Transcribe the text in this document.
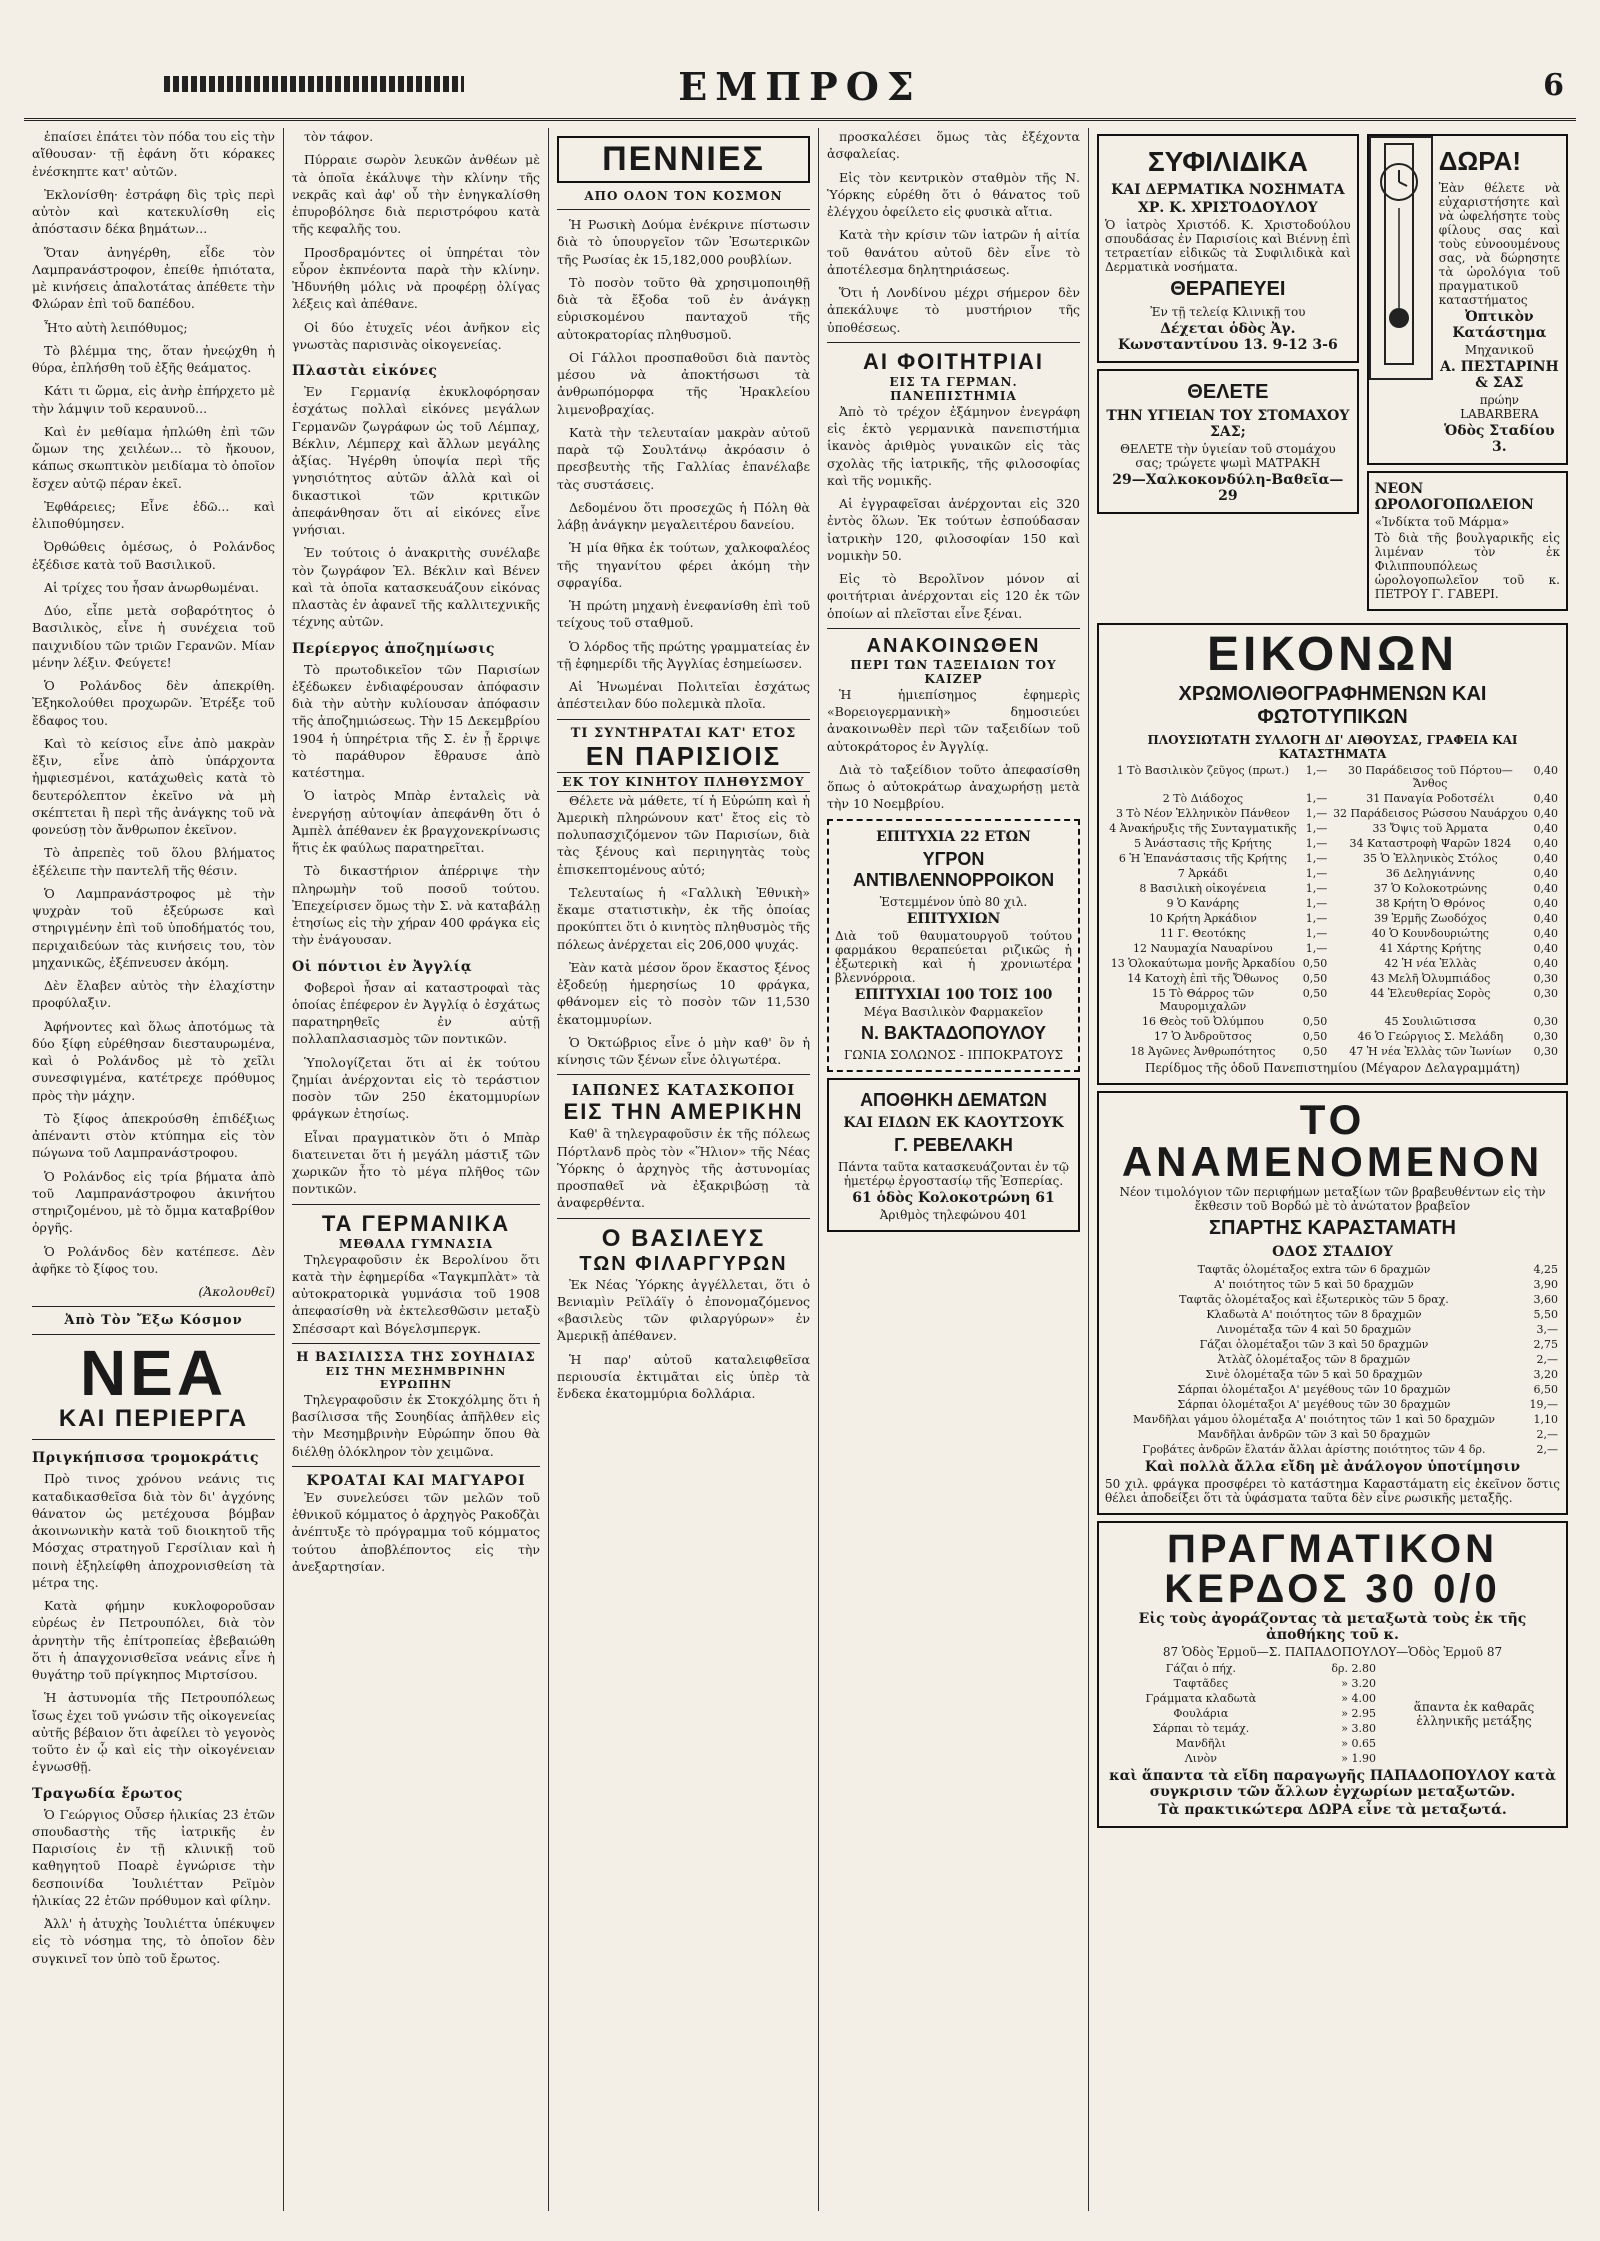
ΕΜΠΡΟΣ	6

ἐπαίσει ἐπάτει τὸν πόδα του εἰς τὴν αἴθουσαν· τῇ ἐφάνη ὅτι κόρακες ἐνέσκηπτε κατ' αὐτῶν.

Ἐκλονίσθη· ἐστράφη δὶς τρὶς περὶ αὐτὸν καὶ κατεκυλίσθη εἰς ἀπόστασιν δέκα βημάτων...

Ὅταν ἀνηγέρθη, εἶδε τὸν Λαμπρανάστροφον, ἐπείθε ἠπιότατα, μὲ κινήσεις ἀπαλοτάτας ἀπέθετε τὴν Φλώραν ἐπὶ τοῦ δαπέδου.

Ἦτο αὐτὴ λειπόθυμος;

Τὸ βλέμμα της, ὅταν ἠνεῴχθη ἡ θύρα, ἐπλήσθη τοῦ ἐξῆς θεάματος.

Κάτι τι ὥρμα, εἰς ἀνὴρ ἐπήρχετο μὲ τὴν λάμψιν τοῦ κεραυνοῦ...

Καὶ ἐν μεθίαμα ἠπλώθη ἐπὶ τῶν ὤμων της χειλέων... τὸ ἤκουον, κάπως σκωπτικὸν μειδίαμα τὸ ὁποῖον ἔσχεν αὐτῷ πέραν ἐκεῖ.

Ἐφθάρειες; Εἶνε ἐδῶ... καὶ ἐλιποθύμησεν.

Ὀρθώθεις ὁμέσως, ὁ Ρολάνδος ἐξέδισε κατὰ τοῦ Βασιλικοῦ.

Αἱ τρίχες του ἦσαν ἀνωρθωμέναι.

Δύο, εἶπε μετὰ σοβαρότητος ὁ Βασιλικὸς, εἶνε ἡ συνέχεια τοῦ παιχνιδίου τῶν τριῶν Γερανῶν. Μίαν μένην λέξιν. Φεύγετε!

Ὁ Ρολάνδος δὲν ἀπεκρίθη. Ἐξηκολούθει προχωρῶν. Ἐτρέξε τοῦ ἔδαφος του.

Καὶ τὸ κείσιος εἶνε ἀπὸ μακρὰν ἔξιν, εἶνε ἀπὸ ὑπάρχοντα ἠμφιεσμένοι, κατάχωθεὶς κατὰ τὸ δευτερόλεπτον ἐκεῖνο νὰ μὴ σκέπτεται ἢ περὶ τῆς ἀνάγκης τοῦ νὰ φονεύσῃ τὸν ἄνθρωπον ἐκεῖνον.

Τὸ ἀπρεπὲς τοῦ ὅλου βλήματος ἐξέλειπε τὴν παντελῆ τῆς θέσιν.

Ὁ Λαμπρανάστροφος μὲ τὴν ψυχρὰν τοῦ ἐξεύρωσε καὶ στηριγμένην ἐπὶ τοῦ ὑποδήματός του, περιχαιδεύων τὰς κινήσεις του, τὸν μηχανικῶς, ἐξέπνευσεν ἀκόμη.

Δὲν ἔλαβεν αὐτὸς τὴν ἐλαχίστην προφύλαξιν.

Ἀφήνοντες καὶ ὅλως ἀποτόμως τὰ δύο ξίφη εὑρέθησαν διεσταυρωμένα, καὶ ὁ Ρολάνδος μὲ τὸ χεῖλι συνεσφιγμένα, κατέτρεχε πρόθυμος πρὸς τὴν μάχην.

Τὸ ξίφος ἀπεκρούσθη ἐπιδέξιως ἀπέναντι στὸν κτύπημα εἰς τὸν πώγωνα τοῦ Λαμπρανάστροφου.

Ὁ Ρολάνδος εἰς τρία βήματα ἀπὸ τοῦ Λαμπρανάστροφου ἀκινήτου στηριζομένου, μὲ τὸ ὄμμα καταβρίθον ὀργῆς.

Ὁ Ρολάνδος δὲν κατέπεσε. Δὲν ἀφῆκε τὸ ξίφος του.

(Ἀκολουθεῖ)

Ἀπὸ Τὸν Ἔξω Κόσμον
ΝΕΑ
ΚΑΙ ΠΕΡΙΕΡΓΑ
Πριγκήπισσα τρομοκράτις

Πρὸ τινος χρόνου νεάνις τις καταδικασθεῖσα διὰ τὸν δι' ἀγχόνης θάνατον ὡς μετέχουσα βόμβαν ἀκοινωνικὴν κατὰ τοῦ διοικητοῦ τῆς Μόσχας στρατηγοῦ Γερσίλιαν καὶ ἡ ποινὴ ἐξηλείφθη ἀποχρονισθείση τὰ μέτρα της.

Κατὰ φήμην κυκλοφοροῦσαν εὐρέως ἐν Πετρουπόλει, διὰ τὸν ἀρνητὴν τῆς ἐπίτροπείας ἐβεβαιώθη ὅτι ἡ ἀπαγχονισθεῖσα νεάνις εἶνε ἡ θυγάτηρ τοῦ πρίγκηπος Μιρτσίσου.

Ἡ ἀστυνομία τῆς Πετρουπόλεως ἴσως ἐχει τοῦ γνώσιν τῆς οἰκογενείας αὐτῆς βέβαιον ὅτι ἀφείλει τὸ γεγονὸς τοῦτο ἐν ᾧ καὶ εἰς τὴν οἰκογένειαν ἐγνωσθῇ.

Τραγωδία ἔρωτος

Ὁ Γεώργιος Οὖσερ ἡλικίας 23 ἐτῶν σπουδαστὴς τῆς ἰατρικῆς ἐν Παρισίοις ἐν τῇ κλινικῇ τοῦ καθηγητοῦ Ποαρὲ ἐγνώρισε τὴν δεσποινίδα Ἰουλιέτταν Ρεϊμὸν ἡλικίας 22 ἐτῶν πρόθυμον καὶ φίλην.

Ἀλλ' ἡ ἀτυχὴς Ἰουλιέττα ὑπέκυψεν εἰς τὸ νόσημα της, τὸ ὁποῖον δὲν συγκινεῖ τον ὑπὸ τοῦ ἔρωτος.

τὸν τάφον.

Πύρραιε σωρὸν λευκῶν ἀνθέων μὲ τὰ ὁποῖα ἐκάλυψε τὴν κλίνην τῆς νεκρᾶς καὶ ἀφ' οὗ τὴν ἐνηγκαλίσθη ἐπυροβόλησε διὰ περιστρόφου κατὰ τῆς κεφαλῆς του.

Προσδραμόντες οἱ ὑπηρέται τὸν εὗρον ἐκπνέοντα παρὰ τὴν κλίνην. Ἠδυνήθη μόλις νὰ προφέρῃ ὀλίγας λέξεις καὶ ἀπέθανε.

Οἱ δύο ἐτυχεῖς νέοι ἀνῆκον εἰς γνωστὰς παρισινὰς οἰκογενείας.

Πλαστὰι εἰκόνες

Ἐν Γερμανίᾳ ἐκυκλοφόρησαν ἐσχάτως πολλαὶ εἰκόνες μεγάλων Γερμανῶν ζωγράφων ὡς τοῦ Λέμπαχ, Βέκλιν, Λέμπερχ καὶ ἄλλων μεγάλης ἀξίας. Ἠγέρθη ὑποψία περὶ τῆς γνησιότητος αὐτῶν ἀλλὰ καὶ οἱ δικαστικοὶ τῶν κριτικῶν ἀπεφάνθησαν ὅτι αἱ εἰκόνες εἶνε γνήσιαι.

Ἐν τούτοις ὁ ἀνακριτὴς συνέλαβε τὸν ζωγράφον Ἐλ. Βέκλιν καὶ Βένεν καὶ τὰ ὁποῖα κατασκευάζουν εἰκόνας πλαστὰς ἐν ἀφανεῖ τῆς καλλιτεχνικῆς τέχνης αὐτῶν.

Περίεργος ἀποζημίωσις

Τὸ πρωτοδικεῖον τῶν Παρισίων ἐξέδωκεν ἐνδιαφέρουσαν ἀπόφασιν διὰ τὴν αὐτὴν κυλίουσαν ἀπόφασιν τῆς ἀποζημιώσεως. Τὴν 15 Δεκεμβρίου 1904 ἡ ὑπηρέτρια τῆς Σ. ἐν ᾗ ἔρριψε τὸ παράθυρον ἔθραυσε ἀπὸ κατέστημα.

Ὁ ἰατρὸς Μπὰρ ἐνταλεὶς νὰ ἐνεργήσῃ αὐτοψίαν ἀπεφάνθη ὅτι ὁ Ἀμπὲλ ἀπέθανεν ἐκ βραγχονεκρίνωσις ἥτις ἐκ φαύλως παρατηρεῖται.

Τὸ δικαστήριον ἀπέρριψε τὴν πληρωμὴν τοῦ ποσοῦ τούτου. Ἐπεχείρισεν ὅμως τὴν Σ. νὰ καταβάλῃ ἐτησίως εἰς τὴν χήραν 400 φράγκα εἰς τὴν ἐνάγουσαν.

Οἱ πόντιοι ἐν Ἀγγλίᾳ

Φοβεροὶ ἦσαν αἱ καταστροφαὶ τὰς ὁποίας ἐπέφερον ἐν Ἀγγλίᾳ ὁ ἐσχάτως παρατηρηθεῖς ἐν αὐτῇ πολλαπλασιασμὸς τῶν ποντικῶν.

Ὑπολογίζεται ὅτι αἱ ἐκ τούτου ζημίαι ἀνέρχονται εἰς τὸ τεράστιον ποσὸν τῶν 250 ἑκατομμυρίων φράγκων ἐτησίως.

Εἶναι πραγματικὸν ὅτι ὁ Μπὰρ διατεινεται ὅτι ἡ μεγάλη μάστιξ τῶν χωρικῶν ἦτο τὸ μέγα πλῆθος τῶν ποντικῶν.

ΤΑ ΓΕΡΜΑΝΙΚΑ
ΜΕΘΑΛΑ ΓΥΜΝΑΣΙΑ

Τηλεγραφοῦσιν ἐκ Βερολίνου ὅτι κατὰ τὴν ἐφημερίδα «Ταγκμπλὰτ» τὰ αὐτοκρατορικὰ γυμνάσια τοῦ 1908 ἀπεφασίσθη νὰ ἐκτελεσθῶσιν μεταξὺ Σπέσσαρτ καὶ Βόγελσμπεργκ.

Η ΒΑΣΙΛΙΣΣΑ ΤΗΣ ΣΟΥΗΔΙΑΣ
ΕΙΣ ΤΗΝ ΜΕΣΗΜΒΡΙΝΗΝ ΕΥΡΩΠΗΝ

Τηλεγραφοῦσιν ἐκ Στοκχόλμης ὅτι ἡ βασίλισσα τῆς Σουηδίας ἀπῆλθεν εἰς τὴν Μεσημβρινὴν Εὐρώπην ὅπου θὰ διέλθῃ ὁλόκληρον τὸν χειμῶνα.

ΚΡΟΑΤΑΙ ΚΑΙ ΜΑΓΥΑΡΟΙ

Ἐν συνελεύσει τῶν μελῶν τοῦ ἐθνικοῦ κόμματος ὁ ἀρχηγὸς Ρακοδζὰι ἀνέπτυξε τὸ πρόγραμμα τοῦ κόμματος τούτου ἀποβλέποντος εἰς τὴν ἀνεξαρτησίαν.

ΠΕΝΝΙΕΣ
ΑΠΟ ΟΛΟΝ ΤΟΝ ΚΟΣΜΟΝ

Ἡ Ρωσικὴ Δούμα ἐνέκρινε πίστωσιν διὰ τὸ ὑπουργεῖον τῶν Ἐσωτερικῶν τῆς Ρωσίας ἐκ 15,182,000 ρουβλίων.

Τὸ ποσὸν τοῦτο θὰ χρησιμοποιηθῇ διὰ τὰ ἔξοδα τοῦ ἐν ἀνάγκῃ εὑρισκομένου πανταχοῦ τῆς αὐτοκρατορίας πληθυσμοῦ.

Οἱ Γάλλοι προσπαθοῦσι διὰ παντὸς μέσου νὰ ἀποκτήσωσι τὰ ἀνθρωπόμορφα τῆς Ἡρακλείου λιμενοβραχίας.

Κατὰ τὴν τελευταίαν μακρὰν αὐτοῦ παρὰ τῷ Σουλτάνῳ ἀκρόασιν ὁ πρεσβευτὴς τῆς Γαλλίας ἐπανέλαβε τὰς συστάσεις.

Δεδομένου ὅτι προσεχῶς ἡ Πόλη θὰ λάβῃ ἀνάγκην μεγαλειτέρου δανείου.

Ἡ μία θῆκα ἐκ τούτων, χαλκοφαλέος τῆς τηγανίτου φέρει ἀκόμη τὴν σφραγίδα.

Ἡ πρώτη μηχανὴ ἐνεφανίσθη ἐπὶ τοῦ τείχους τοῦ σταθμοῦ.

Ὁ λόρδος τῆς πρώτης γραμματείας ἐν τῇ ἐφημερίδι τῆς Ἀγγλίας ἐσημείωσεν.

Αἱ Ἡνωμέναι Πολιτεῖαι ἐσχάτως ἀπέστειλαν δύο πολεμικὰ πλοῖα.

ΤΙ ΣΥΝΤΗΡΑΤΑΙ ΚΑΤ' ΕΤΟΣ
ΕΝ ΠΑΡΙΣΙΟΙΣ
ΕΚ ΤΟΥ ΚΙΝΗΤΟΥ ΠΛΗΘΥΣΜΟΥ

Θέλετε νὰ μάθετε, τί ἡ Εὐρώπη καὶ ἡ Ἀμερικὴ πληρώνουν κατ' ἔτος εἰς τὸ πολυπασχιζόμενον τῶν Παρισίων, διὰ τὰς ξένους καὶ περιηγητὰς τοὺς ἐπισκεπτομένους αὐτό;

Τελευταίως ἡ «Γαλλικὴ Ἐθνικὴ» ἔκαμε στατιστικὴν, ἐκ τῆς ὁποίας προκύπτει ὅτι ὁ κινητὸς πληθυσμὸς τῆς πόλεως ἀνέρχεται εἰς 206,000 ψυχάς.

Ἐὰν κατὰ μέσον ὅρον ἕκαστος ξένος ἐξοδεύῃ ἡμερησίως 10 φράγκα, φθάνομεν εἰς τὸ ποσὸν τῶν 11,530 ἑκατομμυρίων.

Ὁ Ὀκτώβριος εἶνε ὁ μὴν καθ' ὃν ἡ κίνησις τῶν ξένων εἶνε ὀλιγωτέρα.

ΙΑΠΩΝΕΣ ΚΑΤΑΣΚΟΠΟΙ
ΕΙΣ ΤΗΝ ΑΜΕΡΙΚΗΝ

Καθ' ἃ τηλεγραφοῦσιν ἐκ τῆς πόλεως Πόρτλανδ πρὸς τὸν «Ἥλιον» τῆς Νέας Ὑόρκης ὁ ἀρχηγὸς τῆς ἀστυνομίας προσπαθεῖ νὰ ἐξακριβώσῃ τὰ ἀναφερθέντα.

Ο ΒΑΣΙΛΕΥΣ
ΤΩΝ ΦΙΛΑΡΓΥΡΩΝ

Ἐκ Νέας Ὑόρκης ἀγγέλλεται, ὅτι ὁ Βενιαμὶν Ρεϊλάϊγ ὁ ἐπονομαζόμενος «βασιλεὺς τῶν φιλαργύρων» ἐν Ἀμερικῇ ἀπέθανεν.

Ἡ παρ' αὐτοῦ καταλειφθεῖσα περιουσία ἐκτιμᾶται εἰς ὑπὲρ τὰ ἕνδεκα ἑκατομμύρια δολλάρια.

προσκαλέσει ὅμως τὰς ἐξέχοντα ἀσφαλείας.

Εἰς τὸν κεντρικὸν σταθμὸν τῆς Ν. Ὑόρκης εὑρέθη ὅτι ὁ θάνατος τοῦ ἐλέγχου ὀφείλετο εἰς φυσικὰ αἴτια.

Κατὰ τὴν κρίσιν τῶν ἰατρῶν ἡ αἰτία τοῦ θανάτου αὐτοῦ δὲν εἶνε τὸ ἀποτέλεσμα δηλητηριάσεως.

Ὅτι ἡ Λονδίνου μέχρι σήμερον δὲν ἀπεκάλυψε τὸ μυστήριον τῆς ὑποθέσεως.

ΑΙ ΦΟΙΤΗΤΡΙΑΙ
ΕΙΣ ΤΑ ΓΕΡΜΑΝ. ΠΑΝΕΠΙΣΤΗΜΙΑ

Ἀπὸ τὸ τρέχον ἐξάμηνον ἐνεγράφη εἰς ἑκτὸ γερμανικὰ πανεπιστήμια ἱκανὸς ἀριθμὸς γυναικῶν εἰς τὰς σχολὰς τῆς ἰατρικῆς, τῆς φιλοσοφίας καὶ τῆς νομικῆς.

Αἱ ἐγγραφεῖσαι ἀνέρχονται εἰς 320 ἐντὸς ὅλων. Ἐκ τούτων ἐσπούδασαν ἰατρικὴν 120, φιλοσοφίαν 150 καὶ νομικὴν 50.

Εἰς τὸ Βερολῖνον μόνον αἱ φοιτήτριαι ἀνέρχονται εἰς 120 ἐκ τῶν ὁποίων αἱ πλεῖσται εἶνε ξέναι.

ΑΝΑΚΟΙΝΩΘΕΝ
ΠΕΡΙ ΤΩΝ ΤΑΞΕΙΔΙΩΝ ΤΟΥ ΚΑΙΖΕΡ

Ἡ ἡμιεπίσημος ἐφημερὶς «Βορειογερμανικὴ» δημοσιεύει ἀνακοινωθὲν περὶ τῶν ταξειδίων τοῦ αὐτοκράτορος ἐν Ἀγγλίᾳ.

Διὰ τὸ ταξείδιον τοῦτο ἀπεφασίσθη ὅπως ὁ αὐτοκράτωρ ἀναχωρήσῃ μετὰ τὴν 10 Νοεμβρίου.

ΕΠΙΤΥΧΙΑ 22 ΕΤΩΝ
ΥΓΡΟΝ ΑΝΤΙΒΛΕΝΝΟΡΡΟΙΚΟΝ
Ἐστεμμένον ὑπὸ 80 χιλ.
ΕΠΙΤΥΧΙΩΝ
Διὰ τοῦ θαυματουργοῦ τούτου φαρμάκου θεραπεύεται ριζικῶς ἡ ἐξωτερικὴ καὶ ἡ χρονιωτέρα βλεννόρροια.
ΕΠΙΤΥΧΙΑΙ 100 ΤΟΙΣ 100
Μέγα Βασιλικὸν Φαρμακεῖον
Ν. ΒΑΚΤΑΔΟΠΟΥΛΟΥ
ΓΩΝΙΑ ΣΟΛΩΝΟΣ - ΙΠΠΟΚΡΑΤΟΥΣ
ΑΠΟΘΗΚΗ ΔΕΜΑΤΩΝ
ΚΑΙ ΕΙΔΩΝ ΕΚ ΚΑΟΥΤΣΟΥΚ
Γ. ΡΕΒΕΛΑΚΗ
Πάντα ταῦτα κατασκευάζονται ἐν τῷ ἡμετέρῳ ἐργοστασίῳ τῆς Ἐσπερίας.
61 ὁδὸς Κολοκοτρώνη 61
Ἀριθμὸς τηλεφώνου 401
ΣΥΦΙΛΙΔΙΚΑ
ΚΑΙ ΔΕΡΜΑΤΙΚΑ ΝΟΣΗΜΑΤΑ
ΧΡ. Κ. ΧΡΙΣΤΟΔΟΥΛΟΥ
Ὁ ἰατρὸς Χριστόδ. Κ. Χριστοδούλου σπουδάσας ἐν Παρισίοις καὶ Βιέννῃ ἐπὶ τετραετίαν εἰδικῶς τὰ Συφιλιδικὰ καὶ Δερματικὰ νοσήματα.
ΘΕΡΑΠΕΥΕΙ
Ἐν τῇ τελείᾳ Κλινικῇ του
Δέχεται ὁδὸς Ἀγ. Κωνσταντίνου 13. 9-12 3-6
ΘΕΛΕΤΕ
ΤΗΝ ΥΓΙΕΙΑΝ ΤΟΥ ΣΤΟΜΑΧΟΥ ΣΑΣ;
ΘΕΛΕΤΕ τὴν ὑγιείαν τοῦ στομάχου σας; τρώγετε ψωμὶ ΜΑΤΡΑΚΗ
29—Χαλκοκονδύλη-Βαθεῖα—29
ΔΩΡΑ!
Ἐὰν θέλετε νὰ εὐχαριστήσητε καὶ νὰ ὠφελήσητε τοὺς φίλους σας καὶ τοὺς εὐνοουμένους σας, νὰ δώρησητε τὰ ὡρολόγια τοῦ πραγματικοῦ καταστήματος
Ὀπτικὸν Κατάστημα
Μηχανικοῦ
Α. ΠΕΣΤΑΡΙΝΗ & ΣΑΣ
πρώην LABARBERA
Ὁδὸς Σταδίου 3.
ΝΕΟΝ ΩΡΟΛΟΓΟΠΩΛΕΙΟΝ
«Ἰνδίκτα τοῦ Μάρμα»
Τὸ διὰ τῆς βουλγαρικῆς εἰς λιμέναν τὸν ἐκ Φιλιππουπόλεως ὡρολογοπωλεῖον τοῦ κ. ΠΕΤΡΟΥ Γ. ΓΑΒΕΡΙ.
ΕΙΚΟΝΩΝ
ΧΡΩΜΟΛΙΘΟΓΡΑΦΗΜΕΝΩΝ ΚΑΙ ΦΩΤΟΤΥΠΙΚΩΝ
ΠΛΟΥΣΙΩΤΑΤΗ ΣΥΛΛΟΓΗ ΔΙ' ΑΙΘΟΥΣΑΣ, ΓΡΑΦΕΙΑ ΚΑΙ ΚΑΤΑΣΤΗΜΑΤΑ
1 Τὸ Βασιλικὸν ζεῦγος (πρωτ.)	1,—	30 Παράδεισος τοῦ Πόρτου—Ἄνθος	0,40
2 Τὸ Διάδοχος	1,—	31 Παναγία Ροδοτσέλι	0,40
3 Τὸ Νέον Ἑλληνικὸν Πάνθεον	1,—	32 Παράδεισος Ρώσσου Ναυάρχου	0,40
4 Ἀνακήρυξις τῆς Συνταγματικῆς	1,—	33 Ὄψις τοῦ Ἀρματα	0,40
5 Ἀνάστασις τῆς Κρήτης	1,—	34 Καταστροφὴ Ψαρῶν 1824	0,40
6 Ἡ Ἐπανάστασις τῆς Κρήτης	1,—	35 Ὁ Ἑλληνικὸς Στόλος	0,40
7 Ἀρκάδι	1,—	36 Δεληγιάννης	0,40
8 Βασιλικὴ οἰκογένεια	1,—	37 Ὁ Κολοκοτρώνης	0,40
9 Ὁ Κανάρης	1,—	38 Κρήτη Ὁ Θρόνος	0,40
10 Κρήτη Ἀρκάδιον	1,—	39 Ἑρμῆς Ζωοδόχος	0,40
11 Γ. Θεοτόκης	1,—	40 Ὁ Κουνδουριώτης	0,40
12 Ναυμαχία Ναυαρίνου	1,—	41 Χάρτης Κρήτης	0,40
13 Ὁλοκαύτωμα μονῆς Ἀρκαδίου	0,50	42 Ἡ νέα Ἑλλὰς	0,40
14 Κατοχὴ ἐπὶ τῆς Ὄθωνος	0,50	43 Μελῆ Ὀλυμπιάδος	0,30
15 Τὸ Θάρρος τῶν Μαυρομιχαλῶν	0,50	44 Ἐλευθερίας Σορὸς	0,30
16 Θεὸς τοῦ Ὀλύμπου	0,50	45 Σουλιῶτισσα	0,30
17 Ὁ Ἀνδροῦτσος	0,50	46 Ὁ Γεώργιος Σ. Μελάδη	0,30
18 Ἀγῶνες Ἀνθρωπότητος	0,50	47 Ἡ νέα Ἐλλὰς τῶν Ἰωνίων	0,30
Περίδμος τῆς ὁδοῦ Πανεπιστημίου (Μέγαρον Δελαγραμμάτη)
ΤΟ ΑΝΑΜΕΝΟΜΕΝΟΝ
Νέον τιμολόγιον τῶν περιφήμων μεταξίων τῶν βραβευθέντων εἰς τὴν ἔκθεσιν τοῦ Βορδώ μὲ τὸ ἀνώτατον βραβεῖον
ΣΠΑΡΤΗΣ ΚΑΡΑΣΤΑΜΑΤΗ
ΟΔΟΣ ΣΤΑΔΙΟΥ
Ταφτᾶς ὁλομέταξος extra τῶν 6 δραχμῶν	4,25
Α' ποιότητος τῶν 5 καὶ 50 δραχμῶν	3,90
Ταφτᾶς ὁλομέταξος καὶ ἐξωτερικὸς τῶν 5 δραχ.	3,60
Κλαδωτὰ Α' ποιότητος τῶν 8 δραχμῶν	5,50
Λινομέταξα τῶν 4 καὶ 50 δραχμῶν	3,—
Γάζαι ὁλομέταξοι τῶν 3 καὶ 50 δραχμῶν	2,75
Ἀτλὰζ ὁλομέταξος τῶν 8 δραχμῶν	2,—
Σινὲ ὁλομέταξα τῶν 5 καὶ 50 δραχμῶν	3,20
Σάρπαι ὁλομέταξοι Α' μεγέθους τῶν 10 δραχμῶν	6,50
Σάρπαι ὁλομέταξοι Α' μεγέθους τῶν 30 δραχμῶν	19,—
Μανδῆλαι γάμου ὁλομέταξα Α' ποιότητος τῶν 1 καὶ 50 δραχμῶν	1,10
Μανδῆλαι ἀνδρῶν τῶν 3 καὶ 50 δραχμῶν	2,—
Γροβάτες ἀνδρῶν ἔλατάν ἄλλαι ἀρίστης ποιότητος τῶν 4 δρ.	2,—
Καὶ πολλὰ ἄλλα εἴδη μὲ ἀνάλογον ὑποτίμησιν
50 χιλ. φράγκα προσφέρει τὸ κατάστημα Καραστάματη εἰς ἐκεῖνον ὅστις θέλει ἀποδείξει ὅτι τὰ ὑφάσματα ταῦτα δὲν εἶνε ρωσικῆς μεταξῆς.
ΠΡΑΓΜΑΤΙΚΟΝ ΚΕΡΔΟΣ 30 0/0
Εἰς τοὺς ἀγοράζοντας τὰ μεταξωτὰ τοὺς ἐκ τῆς ἀποθήκης τοῦ κ.
87 Ὁδὸς Ἑρμοῦ—Σ. ΠΑΠΑΔΟΠΟΥΛΟΥ—Ὁδὸς Ἑρμοῦ 87
Γάζαι ὁ πήχ.	δρ. 2.80
Ταφτᾶδες	» 3.20
Γράμματα κλαδωτὰ	» 4.00
Φουλάρια	» 2.95
Σάρπαι τὸ τεμάχ.	» 3.80
Μανδῆλι	» 0.65
Λινὸν	» 1.90
ἅπαντα ἐκ καθαρᾶς ἑλληνικῆς μετάξης
καὶ ἅπαντα τὰ εἴδη παραγωγῆς ΠΑΠΑΔΟΠΟΥΛΟΥ κατὰ συγκρισιν τῶν ἄλλων ἐγχωρίων μεταξωτῶν.
Τὰ πρακτικώτερα ΔΩΡΑ εἶνε τὰ μεταξωτά.
